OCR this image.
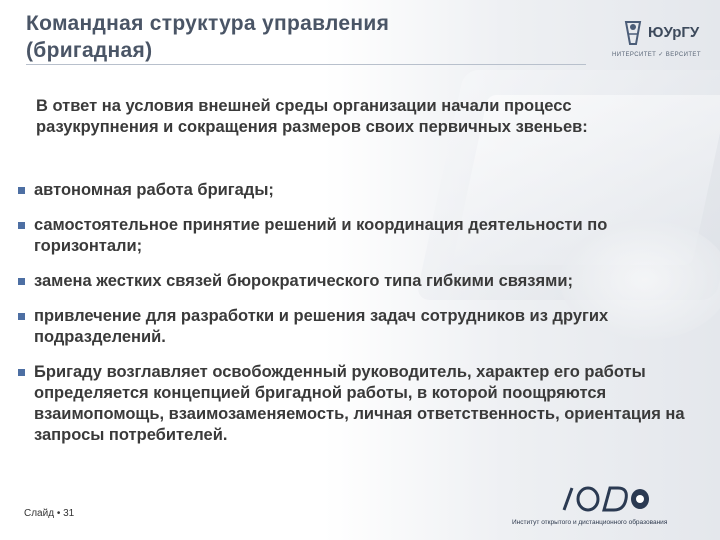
Командная структура управления
(бригадная)
ЮУрГУ
НИТЕРСИТЕТ ✓ ВЕРСИТЕТ

В ответ на условия внешней среды организации начали процесс разукрупнения и сокращения размеров своих первичных звеньев:

автономная работа бригады;
самостоятельное принятие решений и координация деятельности по горизонтали;
замена жестких связей бюрократического типа гибкими связями;
привлечение для разработки и решения задач сотрудников из других подразделений.
Бригаду возглавляет освобожденный руководитель, характер его работы определяется концепцией бригадной работы, в которой поощряются взаимопомощь, взаимозаменяемость, личная ответственность, ориентация на запросы потребителей.
Слайд • 31
Институт открытого и дистанционного образования
